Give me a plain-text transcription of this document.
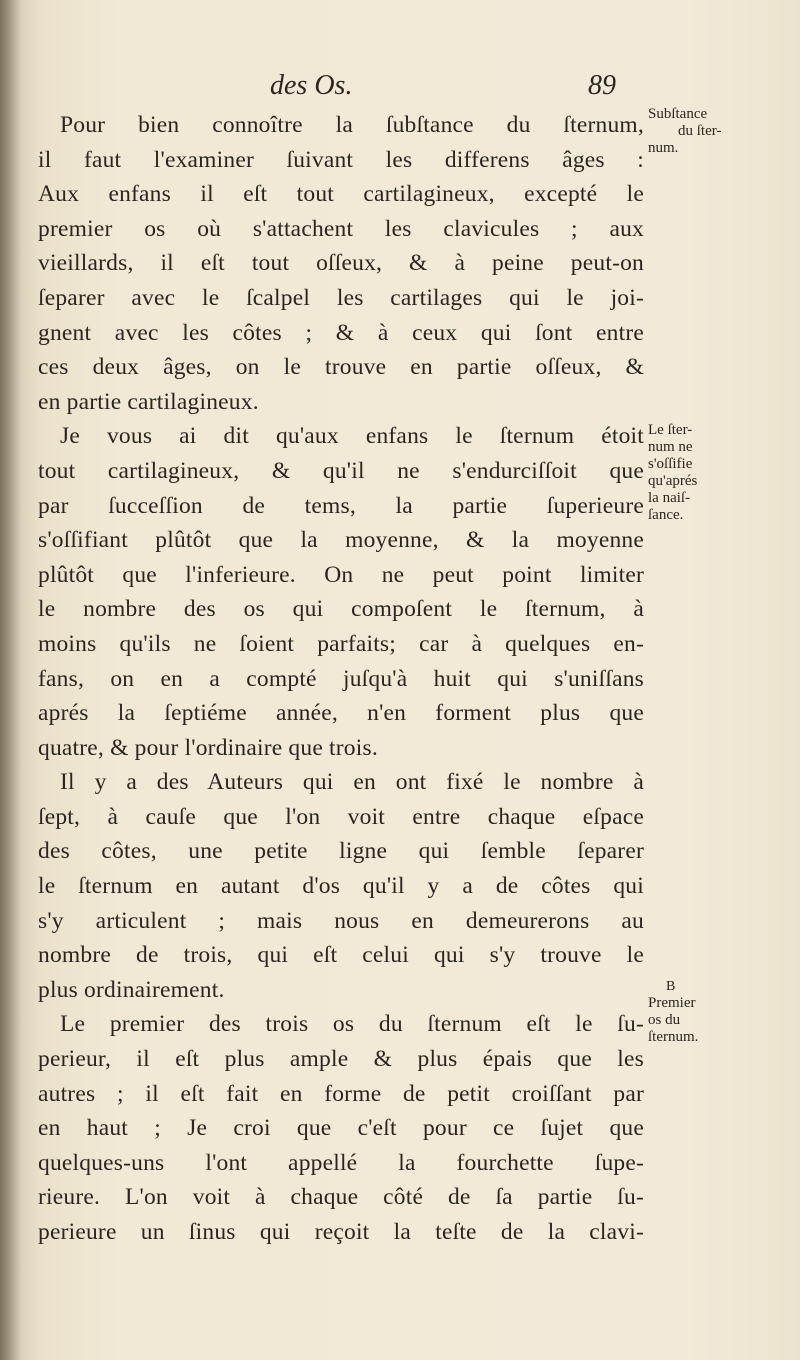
des Os.	89
Pour bien connoître la ſubſtance du ſternum,
il faut l'examiner ſuivant les differens âges :
Aux enfans il eſt tout cartilagineux, excepté le
premier os où s'attachent les clavicules ; aux
vieillards, il eſt tout oſſeux, & à peine peut-on
ſeparer avec le ſcalpel les cartilages qui le joi-
gnent avec les côtes ; & à ceux qui ſont entre
ces deux âges, on le trouve en partie oſſeux, &
en partie cartilagineux.
Je vous ai dit qu'aux enfans le ſternum étoit
tout cartilagineux, & qu'il ne s'endurciſſoit que
par ſucceſſion de tems, la partie ſuperieure
s'oſſifiant plûtôt que la moyenne, & la moyenne
plûtôt que l'inferieure. On ne peut point limiter
le nombre des os qui compoſent le ſternum, à
moins qu'ils ne ſoient parfaits; car à quelques en-
fans, on en a compté juſqu'à huit qui s'uniſſans
aprés la ſeptiéme année, n'en forment plus que
quatre, & pour l'ordinaire que trois.
Il y a des Auteurs qui en ont fixé le nombre à
ſept, à cauſe que l'on voit entre chaque eſpace
des côtes, une petite ligne qui ſemble ſeparer
le ſternum en autant d'os qu'il y a de côtes qui
s'y articulent ; mais nous en demeurerons au
nombre de trois, qui eſt celui qui s'y trouve le
plus ordinairement.
Le premier des trois os du ſternum eſt le ſu-
perieur, il eſt plus ample & plus épais que les
autres ; il eſt fait en forme de petit croiſſant par
en haut ; Je croi que c'eſt pour ce ſujet que
quelques-uns l'ont appellé la fourchette ſupe-
rieure. L'on voit à chaque côté de ſa partie ſu-
perieure un ſinus qui reçoit la teſte de la clavi-
Subſtance
du ſter-
num.
Le ſter-
num ne
s'oſſifie
qu'aprés
la naiſ-
ſance.
B
Premier
os du
ſternum.
